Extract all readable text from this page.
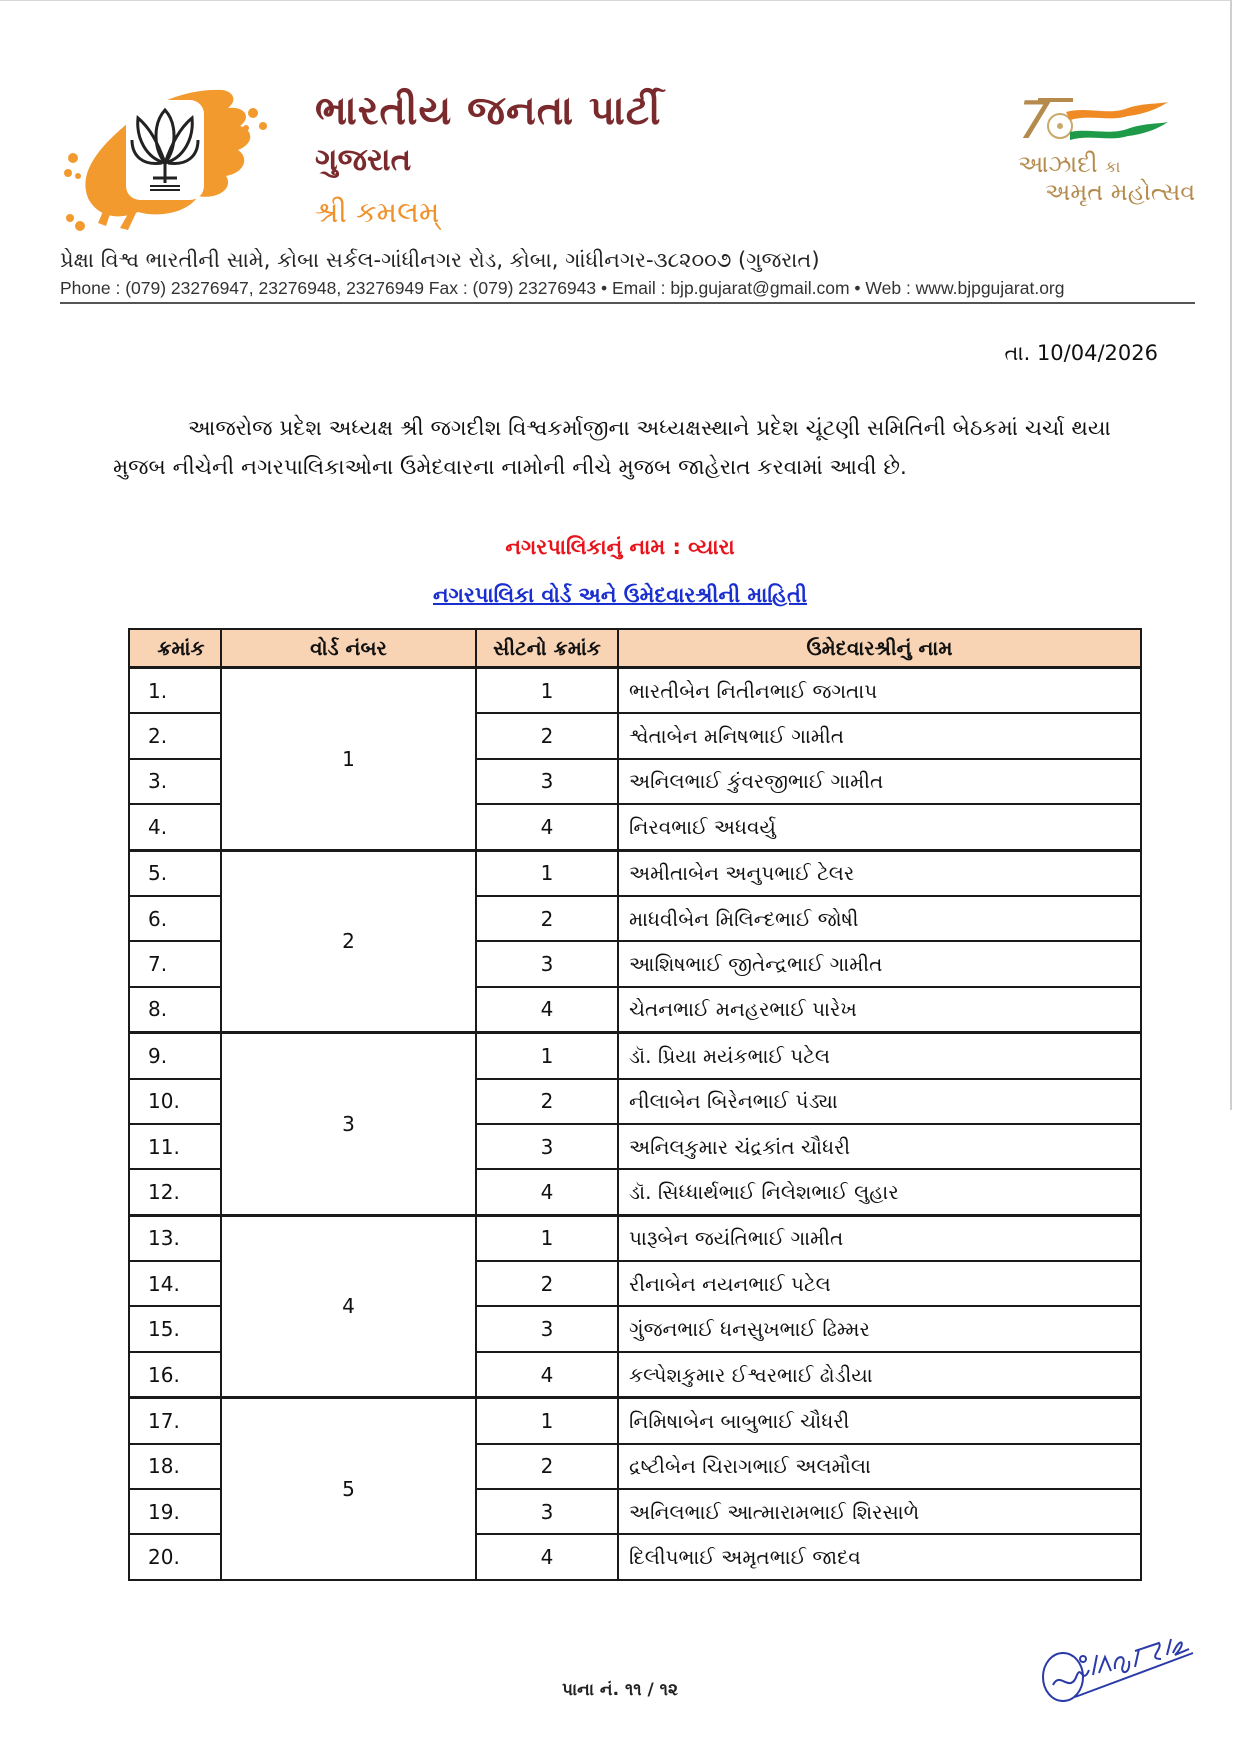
ભારતીય જનતા પાર્ટી
ગુજરાત
શ્રી કમલમ્
7
આઝાદી કા
અમૃત મહોત્સવ
પ્રેક્ષા વિશ્વ ભારતીની સામે, કોબા સર્કલ-ગાંધીનગર રોડ, કોબા, ગાંધીનગર-૩૮૨૦૦૭ (ગુજરાત)
Phone : (079) 23276947, 23276948, 23276949 Fax : (079) 23276943 • Email : bjp.gujarat@gmail.com • Web : www.bjpgujarat.org
તા. 10/04/2026
આજરોજ પ્રદેશ અધ્યક્ષ શ્રી જગદીશ વિશ્વકર્માજીના અધ્યક્ષસ્થાને પ્રદેશ ચૂંટણી સમિતિની બેઠકમાં ચર્ચા થયા મુજબ નીચેની નગરપાલિકાઓના ઉમેદવારના નામોની નીચે મુજબ જાહેરાત કરવામાં આવી છે.
નગરપાલિકાનું નામ : વ્યારા
નગરપાલિકા વોર્ડ અને ઉમેદવારશ્રીની માહિતી
ક્રમાંક	વોર્ડ નંબર	સીટનો ક્રમાંક	ઉમેદવારશ્રીનું નામ
1.	1	1	ભારતીબેન નિતીનભાઈ જગતાપ
2.		2	શ્વેતાબેન મનિષભાઈ ગામીત
3.		3	અનિલભાઈ કુંવરજીભાઈ ગામીત
4.		4	નિરવભાઈ અધવર્યુ
5.	2	1	અમીતાબેન અનુપભાઈ ટેલર
6.		2	માધવીબેન મિલિન્દભાઈ જોષી
7.		3	આશિષભાઈ જીતેન્દ્રભાઈ ગામીત
8.		4	ચેતનભાઈ મનહરભાઈ પારેખ
9.	3	1	ડૉ. પ્રિયા મયંકભાઈ પટેલ
10.		2	નીલાબેન બિરેનભાઈ પંડ્યા
11.		3	અનિલકુમાર ચંદ્રકાંત ચૌધરી
12.		4	ડૉ. સિધ્ધાર્થભાઈ નિલેશભાઈ લુહાર
13.	4	1	પારૂબેન જયંતિભાઈ ગામીત
14.		2	રીનાબેન નયનભાઈ પટેલ
15.		3	ગુંજનભાઈ ધનસુખભાઈ ઢિમ્મર
16.		4	કલ્પેશકુમાર ઈશ્વરભાઈ ઢોડીયા
17.	5	1	નિમિષાબેન બાબુભાઈ ચૌધરી
18.		2	દ્રષ્ટીબેન ચિરાગભાઈ અલમૌલા
19.		3	અનિલભાઈ આત્મારામભાઈ શિરસાળે
20.		4	દિલીપભાઈ અમૃતભાઈ જાદવ
પાના નં. ૧૧ / ૧૨
